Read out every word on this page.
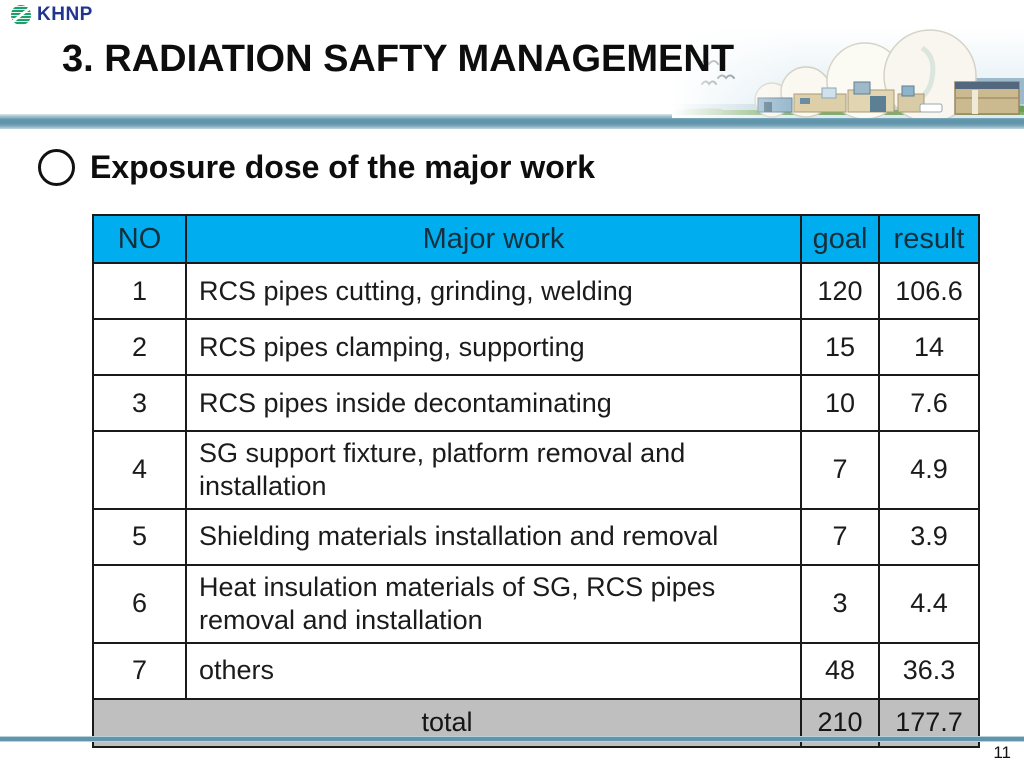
KHNP
3. RADIATION SAFTY MANAGEMENT
Exposure dose of the major work
NO	Major work	goal	result
1	RCS pipes cutting, grinding, welding	120	106.6
2	RCS pipes clamping, supporting	15	14
3	RCS pipes inside decontaminating	10	7.6
4	SG support fixture, platform removal and installation	7	4.9
5	Shielding materials installation and removal	7	3.9
6	Heat insulation materials of SG, RCS pipes removal and installation	3	4.4
7	others	48	36.3
total		210	177.7
11
